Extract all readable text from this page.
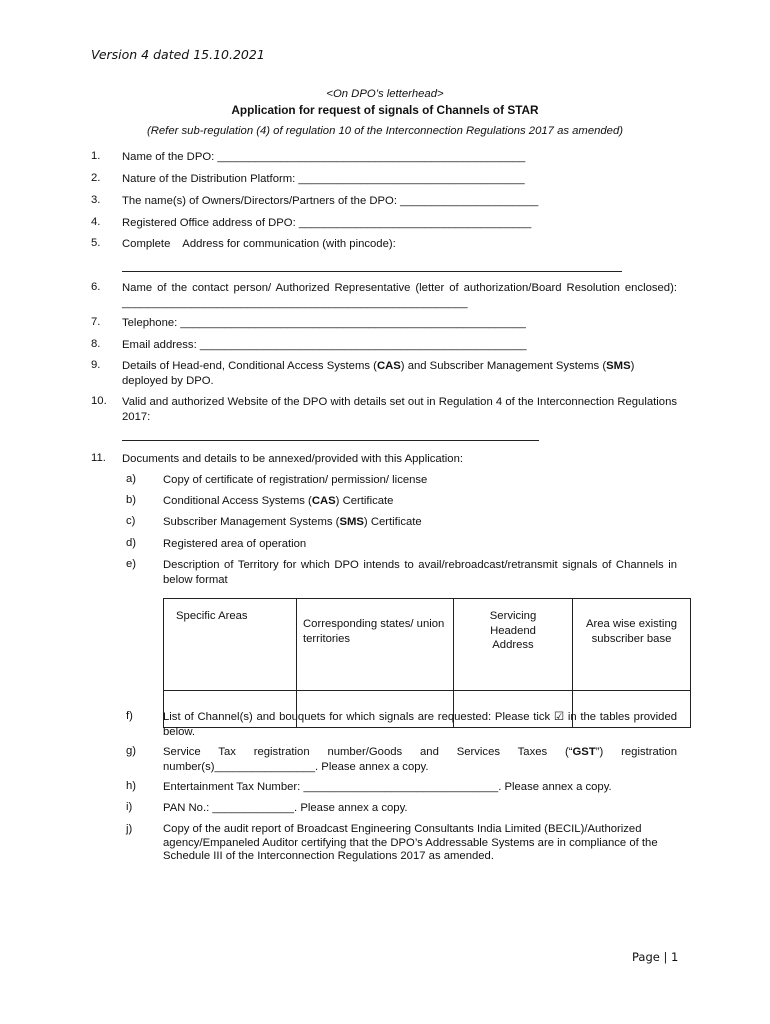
Version 4 dated 15.10.2021
<On DPO’s letterhead>
Application for request of signals of Channels of STAR
(Refer sub-regulation (4) of regulation 10 of the Interconnection Regulations 2017 as amended)
1. Name of the DPO: _________________________________________________
2. Nature of the Distribution Platform: ____________________________________
3. The name(s) of Owners/Directors/Partners of the DPO: ______________________
4. Registered Office address of DPO: _____________________________________
5. Complete    Address for communication (with pincode):
6. Name of the contact person/ Authorized Representative (letter of authorization/Board Resolution enclosed): _______________________________________________________
7. Telephone: _______________________________________________________
8. Email address: ____________________________________________________
9. Details of Head-end, Conditional Access Systems (CAS) and Subscriber Management Systems (SMS) deployed by DPO.
10. Valid and authorized Website of the DPO with details set out in Regulation 4 of the Interconnection Regulations 2017:
11. Documents and details to be annexed/provided with this Application:
a) Copy of certificate of registration/ permission/ license
b) Conditional Access Systems (CAS) Certificate
c) Subscriber Management Systems (SMS) Certificate
d) Registered area of operation
e) Description of Territory for which DPO intends to avail/rebroadcast/retransmit signals of Channels in below format
Specific Areas	Corresponding states/ union territories	Servicing Headend Address	Area wise existing subscriber base

f)	List of Channel(s) and bouquets for which signals are requested: Please tick ☑ in the tables provided below.
g) Service Tax registration number/Goods and Services Taxes (“GST”) registration number(s)________________. Please annex a copy.
h) Entertainment Tax Number: _______________________________. Please annex a copy.
i)	PAN No.: _____________. Please annex a copy.
j)	Copy of the audit report of Broadcast Engineering Consultants India Limited (BECIL)/Authorized agency/Empaneled Auditor certifying that the DPO’s Addressable Systems are in compliance of the Schedule III of the Interconnection Regulations 2017 as amended.
Page | 1
